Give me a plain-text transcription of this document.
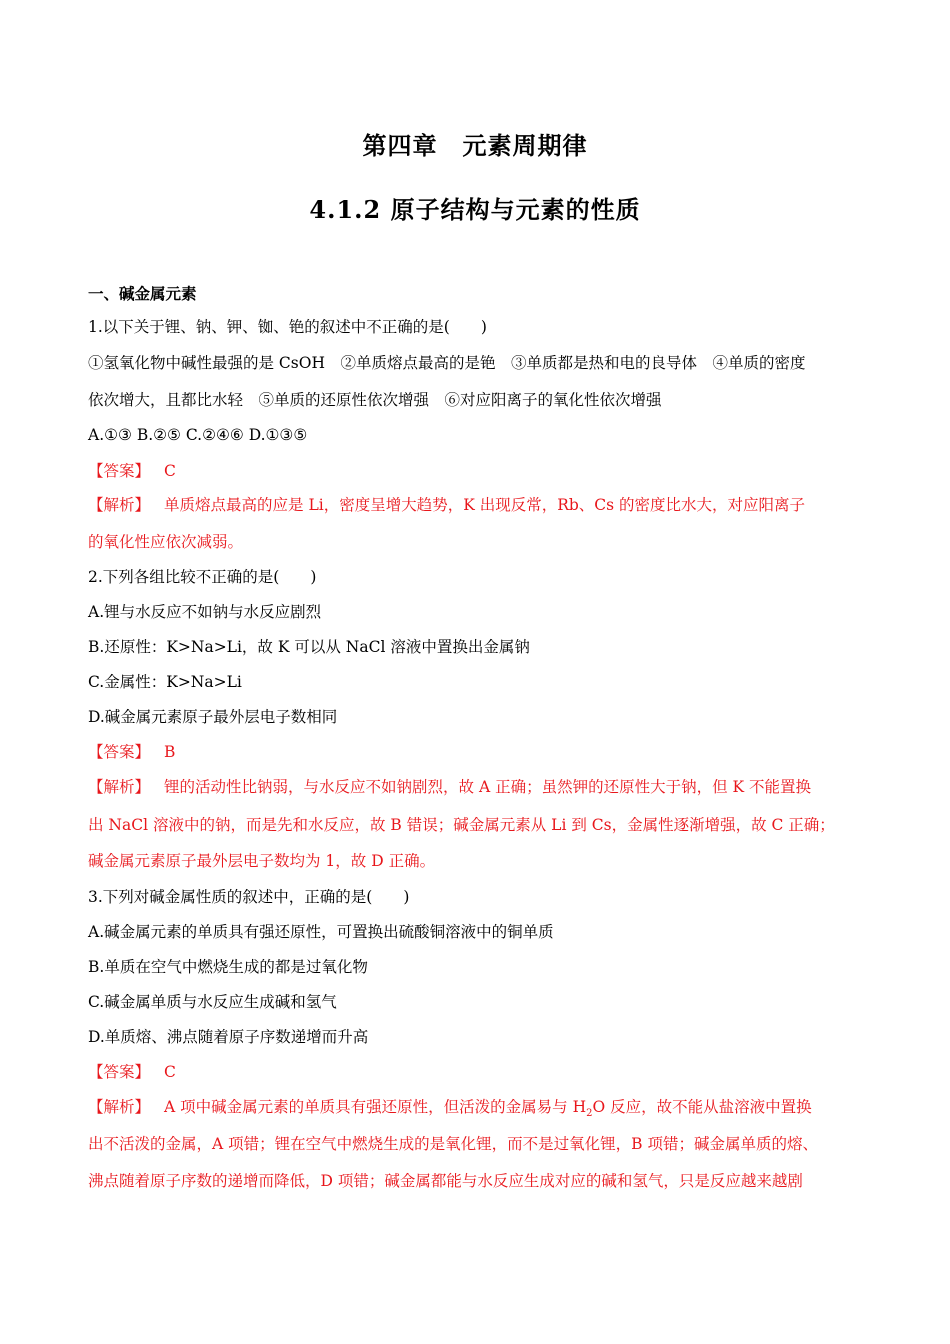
第四章　元素周期律
4.1.2 原子结构与元素的性质
一、碱金属元素
1.以下关于锂、钠、钾、铷、铯的叙述中不正确的是(　　)
①氢氧化物中碱性最强的是 CsOH　②单质熔点最高的是铯　③单质都是热和电的良导体　④单质的密度
依次增大，且都比水轻　⑤单质的还原性依次增强　⑥对应阳离子的氧化性依次增强
A.①③ B.②⑤ C.②④⑥ D.①③⑤
【答案】 C
【解析】 单质熔点最高的应是 Li，密度呈增大趋势，K 出现反常，Rb、Cs 的密度比水大，对应阳离子
的氧化性应依次减弱。
2.下列各组比较不正确的是(　　)
A.锂与水反应不如钠与水反应剧烈
B.还原性：K>Na>Li，故 K 可以从 NaCl 溶液中置换出金属钠
C.金属性：K>Na>Li
D.碱金属元素原子最外层电子数相同
【答案】 B
【解析】 锂的活动性比钠弱，与水反应不如钠剧烈，故 A 正确；虽然钾的还原性大于钠，但 K 不能置换
出 NaCl 溶液中的钠，而是先和水反应，故 B 错误；碱金属元素从 Li 到 Cs，金属性逐渐增强，故 C 正确；
碱金属元素原子最外层电子数均为 1，故 D 正确。
3.下列对碱金属性质的叙述中，正确的是(　　)
A.碱金属元素的单质具有强还原性，可置换出硫酸铜溶液中的铜单质
B.单质在空气中燃烧生成的都是过氧化物
C.碱金属单质与水反应生成碱和氢气
D.单质熔、沸点随着原子序数递增而升高
【答案】 C
【解析】 A 项中碱金属元素的单质具有强还原性，但活泼的金属易与 $H_2O$ 反应，故不能从盐溶液中置换
出不活泼的金属，A 项错；锂在空气中燃烧生成的是氧化锂，而不是过氧化锂，B 项错；碱金属单质的熔、
沸点随着原子序数的递增而降低，D 项错；碱金属都能与水反应生成对应的碱和氢气，只是反应越来越剧
